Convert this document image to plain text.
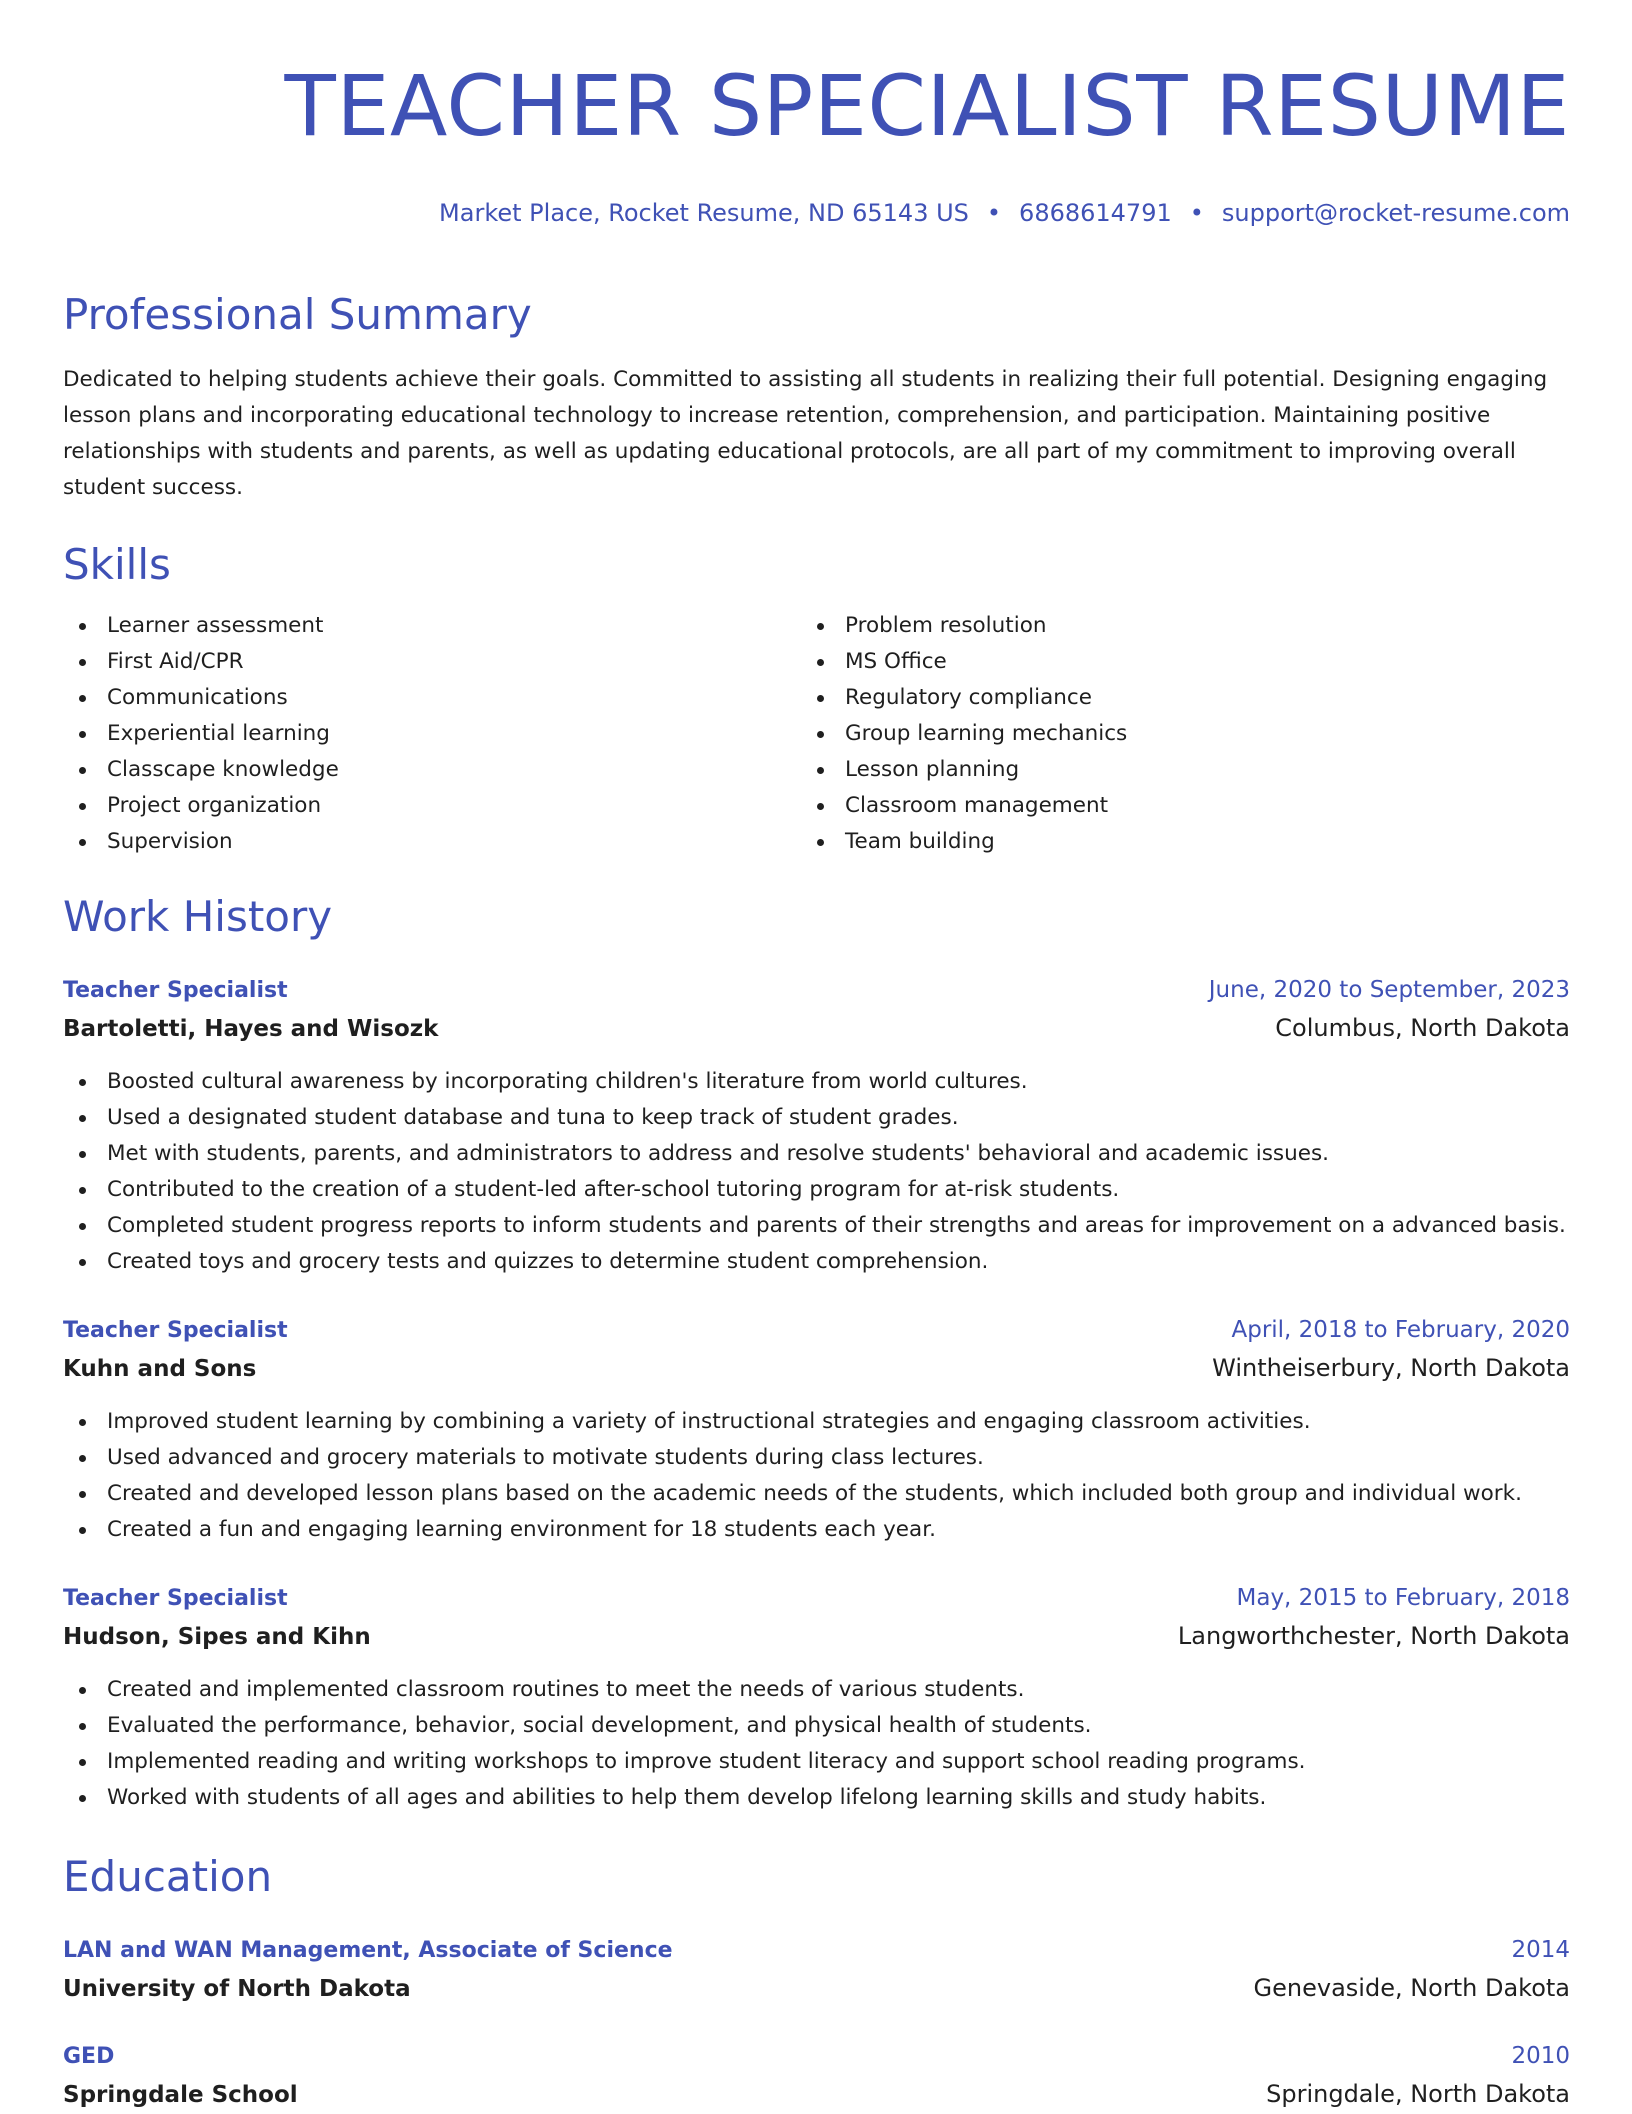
TEACHER SPECIALIST RESUME
Market Place, Rocket Resume, ND 65143 US • 6868614791 • support@rocket-resume.com
Professional Summary
Dedicated to helping students achieve their goals. Committed to assisting all students in realizing their full potential. Designing engaging lesson plans and incorporating educational technology to increase retention, comprehension, and participation. Maintaining positive relationships with students and parents, as well as updating educational protocols, are all part of my commitment to improving overall student success.
Skills
Learner assessment
First Aid/CPR
Communications
Experiential learning
Classcape knowledge
Project organization
Supervision
Problem resolution
MS Office
Regulatory compliance
Group learning mechanics
Lesson planning
Classroom management
Team building
Work History
Teacher Specialist	June, 2020 to September, 2023
Bartoletti, Hayes and Wisozk	Columbus, North Dakota
Boosted cultural awareness by incorporating children's literature from world cultures.
Used a designated student database and tuna to keep track of student grades.
Met with students, parents, and administrators to address and resolve students' behavioral and academic issues.
Contributed to the creation of a student-led after-school tutoring program for at-risk students.
Completed student progress reports to inform students and parents of their strengths and areas for improvement on a advanced basis.
Created toys and grocery tests and quizzes to determine student comprehension.
Teacher Specialist	April, 2018 to February, 2020
Kuhn and Sons	Wintheiserbury, North Dakota
Improved student learning by combining a variety of instructional strategies and engaging classroom activities.
Used advanced and grocery materials to motivate students during class lectures.
Created and developed lesson plans based on the academic needs of the students, which included both group and individual work.
Created a fun and engaging learning environment for 18 students each year.
Teacher Specialist	May, 2015 to February, 2018
Hudson, Sipes and Kihn	Langworthchester, North Dakota
Created and implemented classroom routines to meet the needs of various students.
Evaluated the performance, behavior, social development, and physical health of students.
Implemented reading and writing workshops to improve student literacy and support school reading programs.
Worked with students of all ages and abilities to help them develop lifelong learning skills and study habits.
Education
LAN and WAN Management, Associate of Science	2014
University of North Dakota	Genevaside, North Dakota
GED	2010
Springdale School	Springdale, North Dakota
